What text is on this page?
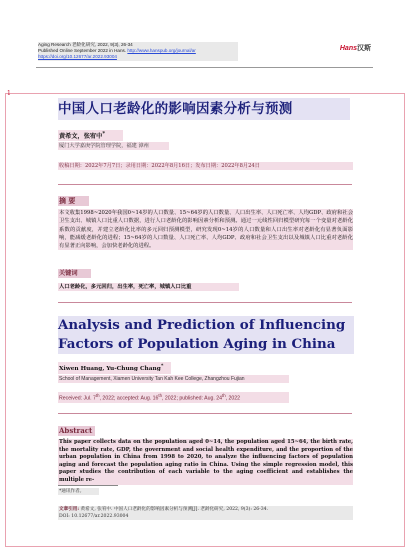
Aging Research 老龄化研究, 2022, 9(3), 26-34
Published Online September 2022 in Hans. http://www.hanspub.org/journal/ar
https://doi.org/10.12677/ar.2022.93004
Hans汉斯
1
中国人口老龄化的影响因素分析与预测
黄希文，张宥中*
厦门大学嘉庚学院管理学院，福建 漳州
收稿日期：2022年7月7日；录用日期：2022年8月16日；发布日期：2022年8月24日
摘 要
本文收集1998~2020年我国0~14岁的人口数量、15~64岁的人口数量、人口出生率、人口死亡率、人均GDP、政府和社会卫生支出、城镇人口比重人口数据，进行人口老龄化的影响因素分析和预测。通过一元线性回归模型研究每一个变量对老龄化系数的贡献度，并建立老龄化比率的多元回归预测模型，研究发现0~14岁的人口数量和人口出生率对老龄化有显著负面影响，能减缓老龄化的进程；15~64岁的人口数量、人口死亡率、人均GDP、政府和社会卫生支出以及城镇人口比重对老龄化有显著正向影响，会加快老龄化的进程。
关键词
人口老龄化，多元回归，出生率，死亡率，城镇人口比重
Analysis and Prediction of Influencing Factors of Population Aging in China
Xiwen Huang, Yu-Chung Chang*
School of Management, Xiamen University Tan Kah Kee College, Zhangzhou Fujian
Received: Jul. 7th, 2022; accepted: Aug. 16th, 2022; published: Aug. 24th, 2022
Abstract
This paper collects data on the population aged 0~14, the population aged 15~64, the birth rate, the mortality rate, GDP, the government and social health expenditure, and the proportion of the urban population in China from 1998 to 2020, to analyze the influencing factors of population aging and forecast the population aging ratio in China. Using the simple regression model, this paper studies the contribution of each variable to the aging coefficient and establishes the multiple re-
*通讯作者。
文章引用: 黄希文, 张宥中. 中国人口老龄化的影响因素分析与预测[J]. 老龄化研究, 2022, 9(3): 26-34.
DOI: 10.12677/ar.2022.93004
